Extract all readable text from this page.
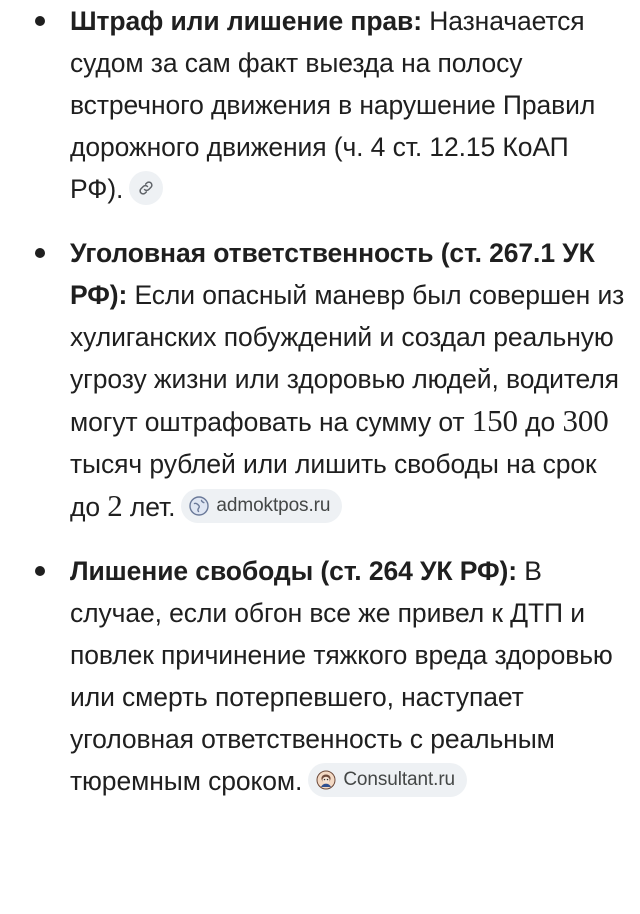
Штраф или лишение прав: Назначается судом за сам факт выезда на полосу встречного движения в нарушение Правил дорожного движения (ч. 4 ст. 12.15 КоАП РФ).
Уголовная ответственность (ст. 267.1 УК РФ): Если опасный маневр был совершен из хулиганских побуждений и создал реальную угрозу жизни или здоровью людей, водителя могут оштрафовать на сумму от 150 до 300 тысяч рублей или лишить свободы на срок до 2 лет. admoktpos.ru
Лишение свободы (ст. 264 УК РФ): В случае, если обгон все же привел к ДТП и повлек причинение тяжкого вреда здоровью или смерть потерпевшего, наступает уголовная ответственность с реальным тюремным сроком. Consultant.ru
